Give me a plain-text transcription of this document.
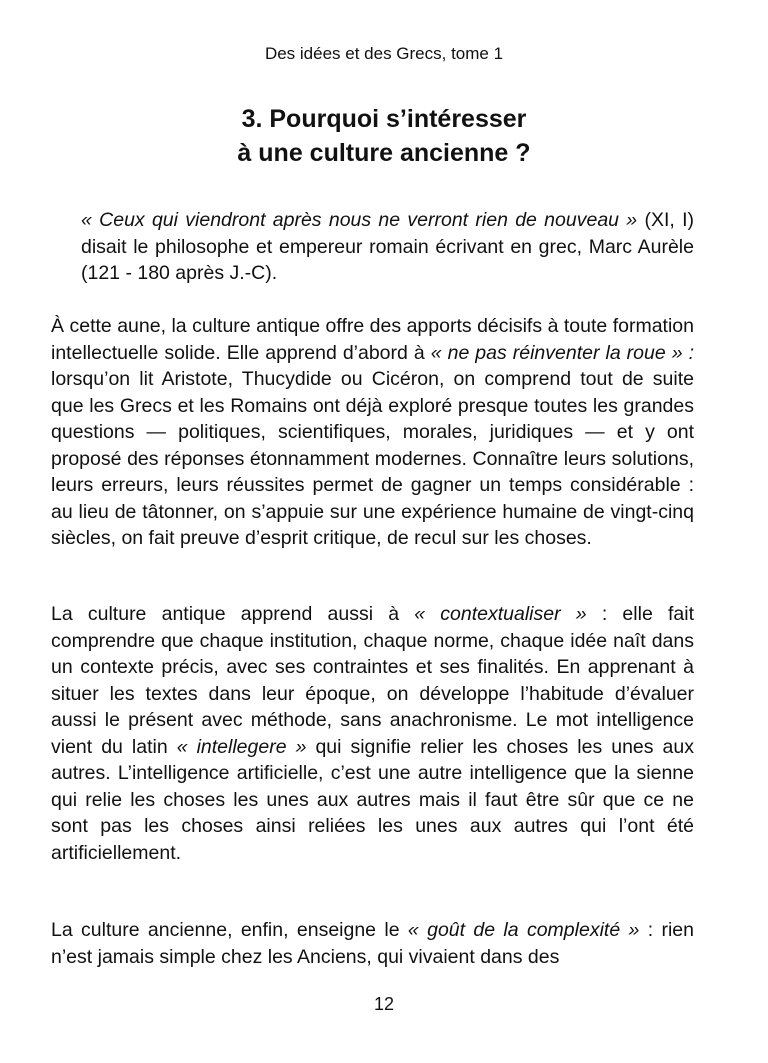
Des idées et des Grecs, tome 1
3. Pourquoi s’intéresser
à une culture ancienne ?

« Ceux qui viendront après nous ne verront rien de nouveau » (XI, I) disait le philosophe et empereur romain écrivant en grec, Marc Aurèle (121 - 180 après J.-C).

À cette aune, la culture antique offre des apports décisifs à toute formation intellectuelle solide. Elle apprend d’abord à « ne pas réinventer la roue » : lorsqu’on lit Aristote, Thucydide ou Cicéron, on comprend tout de suite que les Grecs et les Romains ont déjà exploré presque toutes les grandes questions — politiques, scientifiques, morales, juridiques — et y ont proposé des réponses étonnamment modernes. Connaître leurs solutions, leurs erreurs, leurs réussites permet de gagner un temps considérable : au lieu de tâtonner, on s’appuie sur une expérience humaine de vingt-cinq siècles, on fait preuve d’esprit critique, de recul sur les choses.

La culture antique apprend aussi à « contextualiser » : elle fait comprendre que chaque institution, chaque norme, chaque idée naît dans un contexte précis, avec ses contraintes et ses finalités. En apprenant à situer les textes dans leur époque, on développe l’habitude d’évaluer aussi le présent avec méthode, sans anachronisme. Le mot intelligence vient du latin « intellegere » qui signifie relier les choses les unes aux autres. L’intelligence artificielle, c’est une autre intelligence que la sienne qui relie les choses les unes aux autres mais il faut être sûr que ce ne sont pas les choses ainsi reliées les unes aux autres qui l’ont été artificiellement.

La culture ancienne, enfin, enseigne le « goût de la complexité » : rien n’est jamais simple chez les Anciens, qui vivaient dans des

12
